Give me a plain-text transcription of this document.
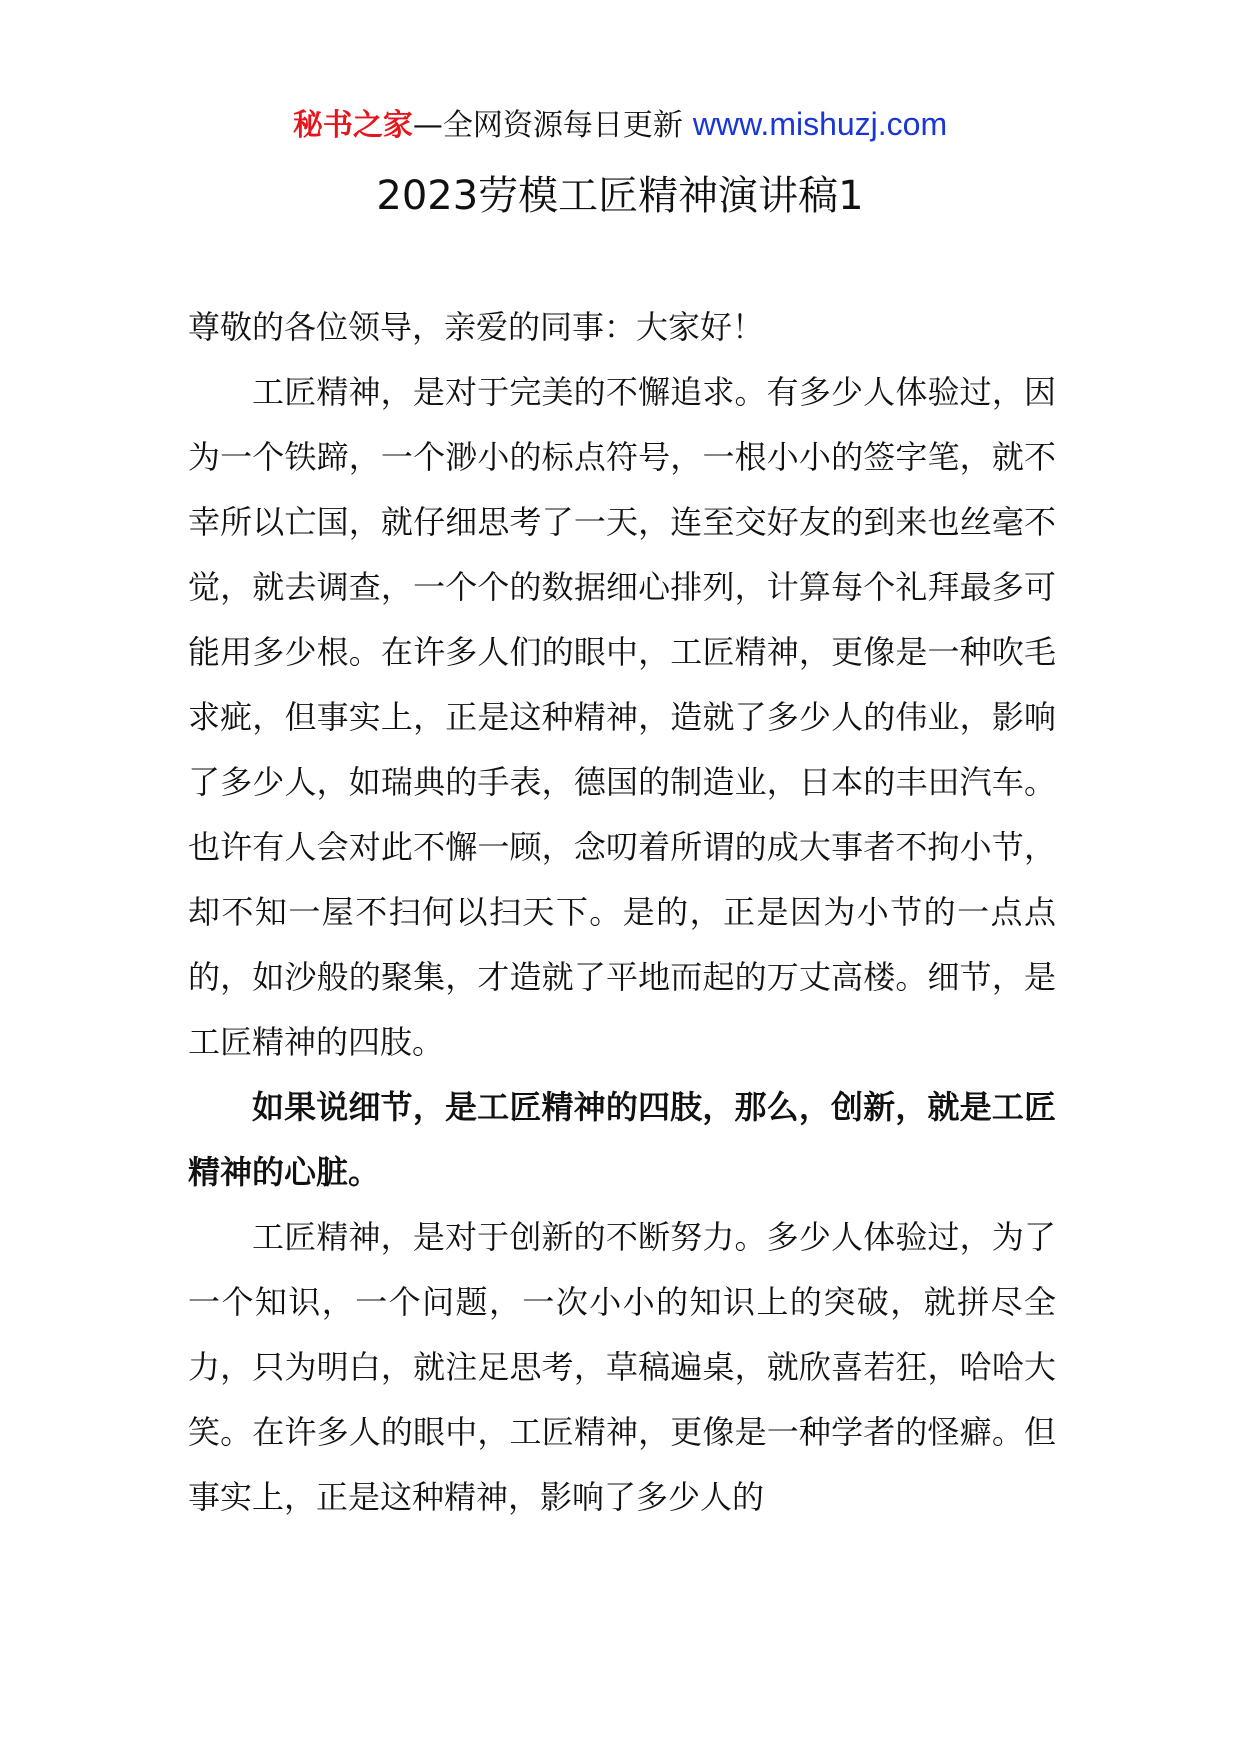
秘书之家—全网资源每日更新 www.mishuzj.com
2023劳模工匠精神演讲稿1

尊敬的各位领导，亲爱的同事：大家好！

工匠精神，是对于完美的不懈追求。有多少人体验过，因为一个铁蹄，一个渺小的标点符号，一根小小的签字笔，就不幸所以亡国，就仔细思考了一天，连至交好友的到来也丝毫不觉，就去调查，一个个的数据细心排列，计算每个礼拜最多可能用多少根。在许多人们的眼中，工匠精神，更像是一种吹毛求疵，但事实上，正是这种精神，造就了多少人的伟业，影响了多少人，如瑞典的手表，德国的制造业，日本的丰田汽车。也许有人会对此不懈一顾，念叨着所谓的成大事者不拘小节，却不知一屋不扫何以扫天下。是的，正是因为小节的一点点的，如沙般的聚集，才造就了平地而起的万丈高楼。细节，是工匠精神的四肢。

如果说细节，是工匠精神的四肢，那么，创新，就是工匠精神的心脏。

工匠精神，是对于创新的不断努力。多少人体验过，为了一个知识，一个问题，一次小小的知识上的突破，就拼尽全力，只为明白，就注足思考，草稿遍桌，就欣喜若狂，哈哈大笑。在许多人的眼中，工匠精神，更像是一种学者的怪癖。但事实上，正是这种精神，影响了多少人的
